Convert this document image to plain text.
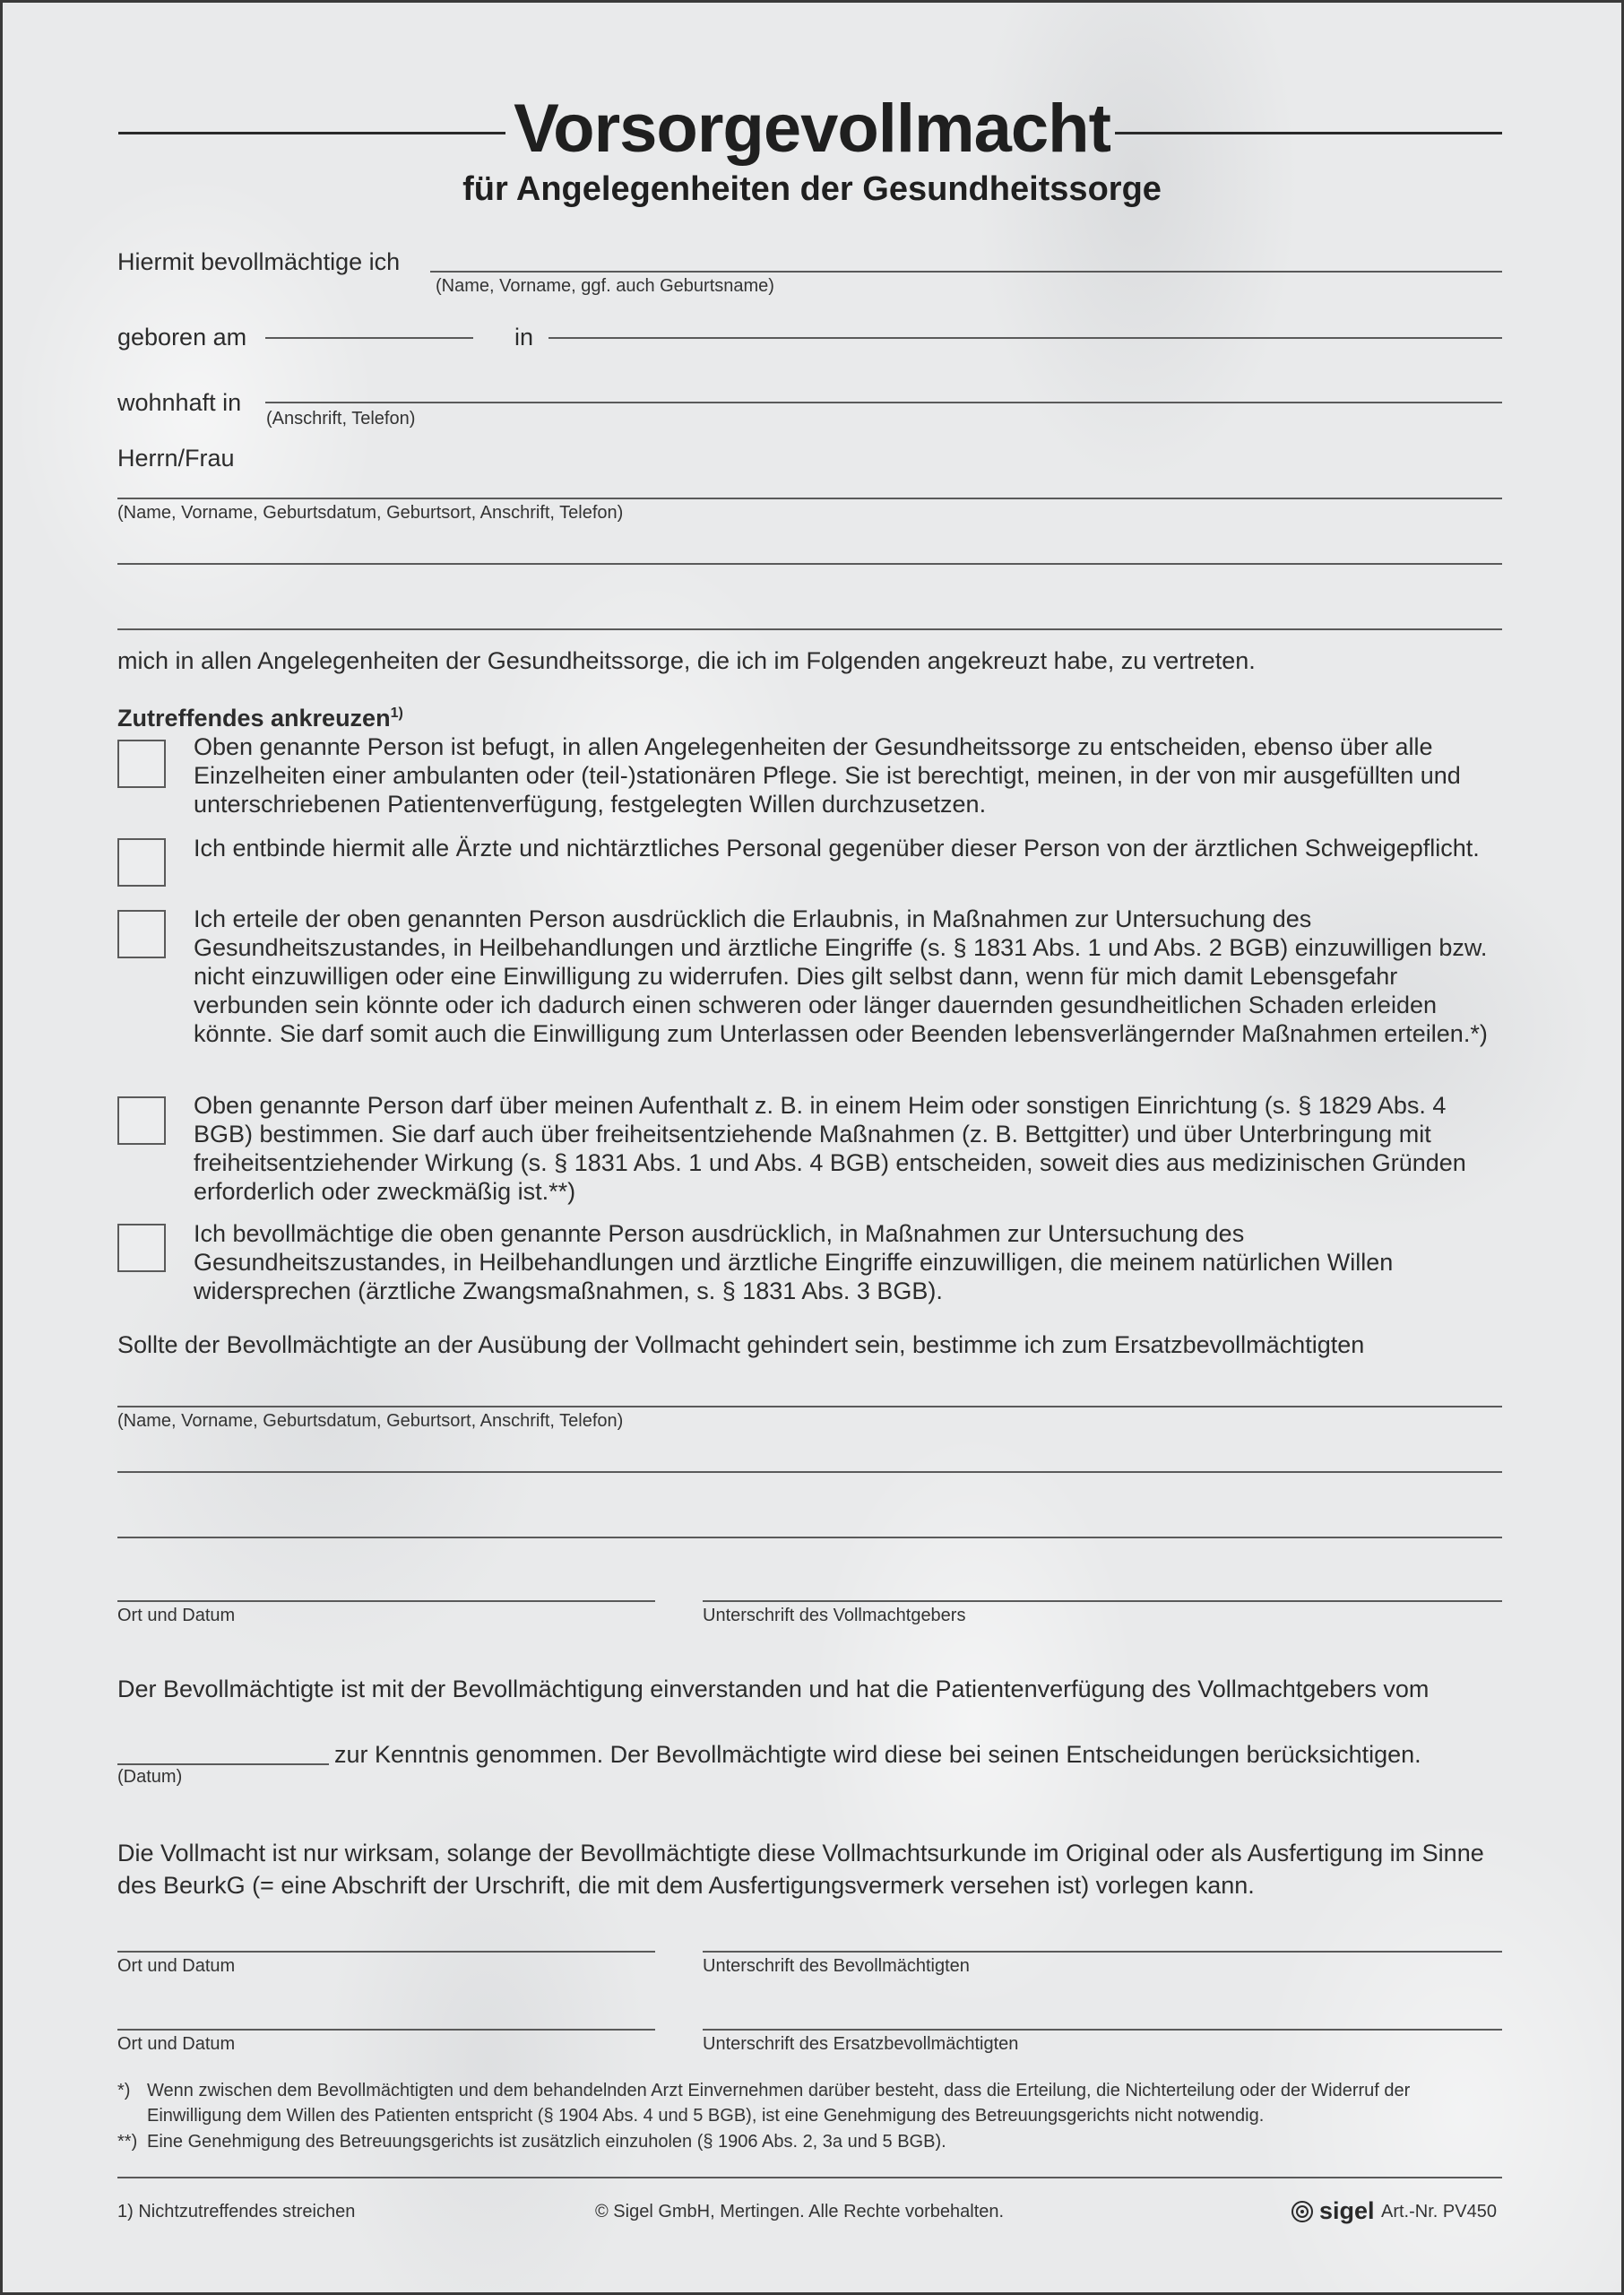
Vorsorgevollmacht
für Angelegenheiten der Gesundheitssorge
Hiermit bevollmächtige ich
(Name, Vorname, ggf. auch Geburtsname)
geboren am	in
wohnhaft in
(Anschrift, Telefon)
Herrn/Frau
(Name, Vorname, Geburtsdatum, Geburtsort, Anschrift, Telefon)
mich in allen Angelegenheiten der Gesundheitssorge, die ich im Folgenden angekreuzt habe, zu vertreten.
Zutreffendes ankreuzen$^{1)}$
Oben genannte Person ist befugt, in allen Angelegenheiten der Gesundheitssorge zu entscheiden, ebenso über alle Einzelheiten einer ambulanten oder (teil-)stationären Pflege. Sie ist berechtigt, meinen, in der von mir ausgefüllten und unterschriebenen Patientenverfügung, festgelegten Willen durchzusetzen.
Ich entbinde hiermit alle Ärzte und nichtärztliches Personal gegenüber dieser Person von der ärztlichen Schweigepflicht.
Ich erteile der oben genannten Person ausdrücklich die Erlaubnis, in Maßnahmen zur Untersuchung des Gesundheitszustandes, in Heilbehandlungen und ärztliche Eingriffe (s. § 1831 Abs. 1 und Abs. 2 BGB) einzuwilligen bzw. nicht einzuwilligen oder eine Einwilligung zu widerrufen. Dies gilt selbst dann, wenn für mich damit Lebensgefahr verbunden sein könnte oder ich dadurch einen schweren oder länger dauernden gesundheitlichen Schaden erleiden könnte. Sie darf somit auch die Einwilligung zum Unterlassen oder Beenden lebensverlängernder Maßnahmen erteilen.*)
Oben genannte Person darf über meinen Aufenthalt z. B. in einem Heim oder sonstigen Einrichtung (s. § 1829 Abs. 4 BGB) bestimmen. Sie darf auch über freiheitsentziehende Maßnahmen (z. B. Bettgitter) und über Unterbringung mit freiheitsentziehender Wirkung (s. § 1831 Abs. 1 und Abs. 4 BGB) entscheiden, soweit dies aus medizinischen Gründen erforderlich oder zweckmäßig ist.**)
Ich bevollmächtige die oben genannte Person ausdrücklich, in Maßnahmen zur Untersuchung des Gesundheitszustandes, in Heilbehandlungen und ärztliche Eingriffe einzuwilligen, die meinem natürlichen Willen widersprechen (ärztliche Zwangsmaßnahmen, s. § 1831 Abs. 3 BGB).
Sollte der Bevollmächtigte an der Ausübung der Vollmacht gehindert sein, bestimme ich zum Ersatzbevollmächtigten
(Name, Vorname, Geburtsdatum, Geburtsort, Anschrift, Telefon)
Ort und Datum	Unterschrift des Vollmachtgebers
Der Bevollmächtigte ist mit der Bevollmächtigung einverstanden und hat die Patientenverfügung des Vollmachtgebers vom
(Datum)
zur Kenntnis genommen. Der Bevollmächtigte wird diese bei seinen Entscheidungen berücksichtigen.
Die Vollmacht ist nur wirksam, solange der Bevollmächtigte diese Vollmachtsurkunde im Original oder als Ausfertigung im Sinne des BeurkG (= eine Abschrift der Urschrift, die mit dem Ausfertigungsvermerk versehen ist) vorlegen kann.
Ort und Datum	Unterschrift des Bevollmächtigten
Ort und Datum	Unterschrift des Ersatzbevollmächtigten
*) Wenn zwischen dem Bevollmächtigten und dem behandelnden Arzt Einvernehmen darüber besteht, dass die Erteilung, die Nichterteilung oder der Widerruf der Einwilligung dem Willen des Patienten entspricht (§ 1904 Abs. 4 und 5 BGB), ist eine Genehmigung des Betreuungsgerichts nicht notwendig.
**) Eine Genehmigung des Betreuungsgerichts ist zusätzlich einzuholen (§ 1906 Abs. 2, 3a und 5 BGB).
1) Nichtzutreffendes streichen	© Sigel GmbH, Mertingen. Alle Rechte vorbehalten.	sigel Art.-Nr. PV450
